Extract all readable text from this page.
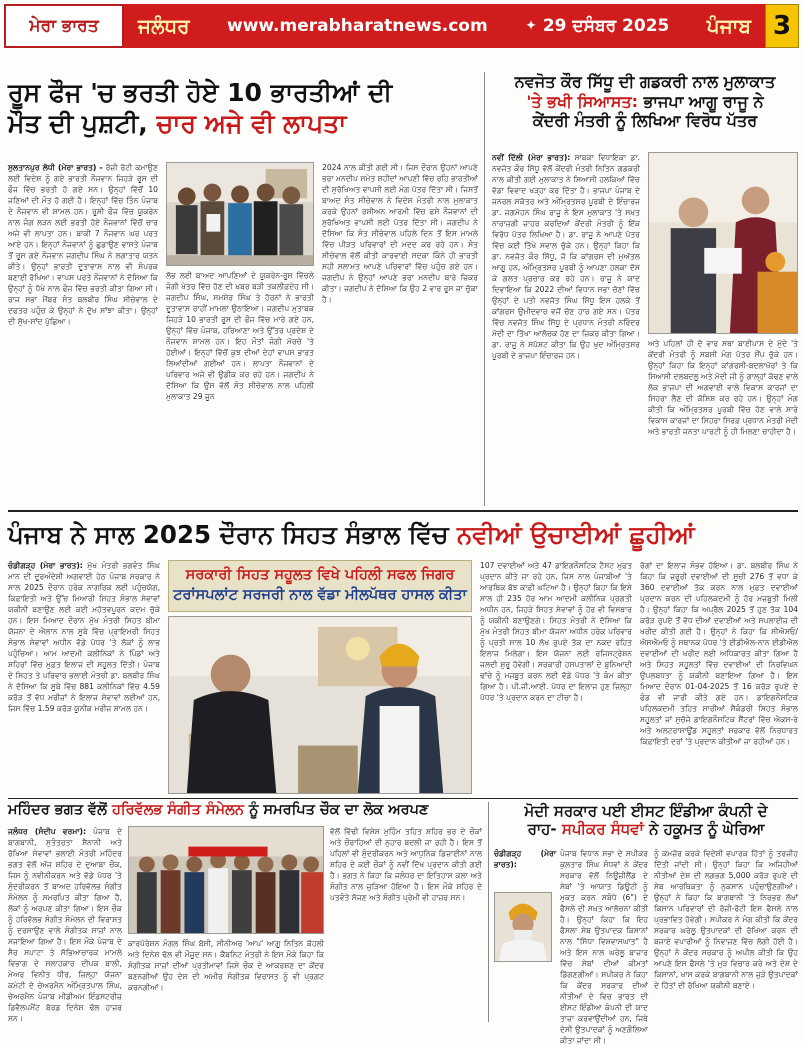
ਮੇਰਾ ਭਾਰਤ	ਜਲੰਧਰ www.merabharatnews.com	✦ 29 ਦਸੰਬਰ 2025 ਪੰਜਾਬ 3
ਰੂਸ ਫੌਜ 'ਚ ਭਰਤੀ ਹੋਏ 10 ਭਾਰਤੀਆਂ ਦੀ
ਮੌਤ ਦੀ ਪੁਸ਼ਟੀ, ਚਾਰ ਅਜੇ ਵੀ ਲਾਪਤਾ
ਸੁਲਤਾਨਪੁਰ ਲੋਧੀ (ਮੇਰਾ ਭਾਰਤ) - ਰੋਜ਼ੀ ਰੋਟੀ ਕਮਾਉਣ ਲਈ ਵਿਦੇਸ਼ ਨੂੰ ਗਏ ਭਾਰਤੀ ਨੌਜਵਾਨ ਜਿਹੜੇ ਰੂਸ ਦੀ ਫੌਜ ਵਿੱਚ ਭਰਤੀ ਹੋ ਗਏ ਸਨ। ਉਨ੍ਹਾਂ ਵਿੱਚੋਂ 10 ਜਣਿਆਂ ਦੀ ਮੌਤ ਹੋ ਗਈ ਹੈ। ਇਨ੍ਹਾਂ ਵਿੱਚ ਤਿੰਨ ਪੰਜਾਬ ਦੇ ਨੌਜਵਾਨ ਵੀ ਸ਼ਾਮਲ ਹਨ। ਰੂਸੀ ਫੌਜ ਵਿੱਚ ਯੂਕਰੇਨ ਨਾਲ ਜੰਗ ਲੜਨ ਲਈ ਭਰਤੀ ਹੋਏ ਨੌਜਵਾਨਾਂ ਵਿੱਚੋਂ ਚਾਰ ਅਜੇ ਵੀ ਲਾਪਤਾ ਹਨ। ਬਾਕੀ 7 ਨੌਜਵਾਨ ਘਰ ਪਰਤ ਆਏ ਹਨ। ਇਨ੍ਹਾਂ ਨੌਜਵਾਨਾਂ ਨੂੰ ਛੁਡਾਉਣ ਵਾਸਤੇ ਪੰਜਾਬ ਤੋਂ ਰੂਸ ਗਏ ਨੌਜਵਾਨ ਜਗਦੀਪ ਸਿੰਘ ਨੇ ਲਗਾਤਾਰ ਯਤਨ ਕੀਤੇ। ਉਨ੍ਹਾਂ ਭਾਰਤੀ ਦੂਤਾਵਾਸ ਨਾਲ ਵੀ ਸੰਪਰਕ ਬਣਾਈ ਰੱਖਿਆ। ਵਾਪਸ ਪਰਤੇ ਨੌਜਵਾਨਾਂ ਨੇ ਦੱਸਿਆ ਕਿ ਉਨ੍ਹਾਂ ਨੂੰ ਧੋਖੇ ਨਾਲ ਫੌਜ ਵਿੱਚ ਭਰਤੀ ਕੀਤਾ ਗਿਆ ਸੀ। ਰਾਜ ਸਭਾ ਮੈਂਬਰ ਸੰਤ ਬਲਬੀਰ ਸਿੰਘ ਸੀਚੇਵਾਲ ਦੇ ਦਫਤਰ ਪਹੁੰਚ ਕੇ ਉਨ੍ਹਾਂ ਨੇ ਦੁੱਖ ਸਾਂਝਾ ਕੀਤਾ। ਉਨ੍ਹਾਂ ਦੀ ਸੁੱਖ-ਸਾਂਦ ਪੁੱਛਿਆ।
ਲੱਭ ਲਈ ਬਾਅਦ ਆਪਣਿਆਂ ਦੇ ਯੂਕਰੇਨ-ਰੂਸ ਵਿੱਚਲੇ ਜੰਗੀ ਖੇਤਰ ਵਿੱਚ ਹੋਣ ਦੀ ਖ਼ਬਰ ਬੜੀ ਤਕਲੀਫ਼ਦੇਹ ਸੀ। ਜਗਦੀਪ ਸਿੰਘ, ਸਮਸ਼ੇਰ ਸਿੰਘ ਤੇ ਹੋਰਨਾਂ ਨੇ ਭਾਰਤੀ ਦੂਤਾਵਾਸ ਰਾਹੀਂ ਮਾਮਲਾ ਉਠਾਇਆ। ਜਗਦੀਪ ਮੁਤਾਬਕ ਜਿਹੜੇ 10 ਭਾਰਤੀ ਰੂਸ ਦੀ ਫੌਜ ਵਿੱਚ ਮਾਰੇ ਗਏ ਹਨ, ਉਨ੍ਹਾਂ ਵਿੱਚ ਪੰਜਾਬ, ਹਰਿਆਣਾ ਅਤੇ ਉੱਤਰ ਪ੍ਰਦੇਸ਼ ਦੇ ਨੌਜਵਾਨ ਸ਼ਾਮਲ ਹਨ। ਇਹ ਮੌਤਾਂ ਜੰਗੀ ਮੋਰਚੇ 'ਤੇ ਹੋਈਆਂ। ਇਨ੍ਹਾਂ ਵਿੱਚੋਂ ਕੁਝ ਦੀਆਂ ਦੇਹਾਂ ਵਾਪਸ ਭਾਰਤ ਲਿਆਂਦੀਆਂ ਗਈਆਂ ਹਨ। ਲਾਪਤਾ ਨੌਜਵਾਨਾਂ ਦੇ ਪਰਿਵਾਰ ਅਜੇ ਵੀ ਉਡੀਕ ਕਰ ਰਹੇ ਹਨ। ਜਗਦੀਪ ਨੇ ਦੱਸਿਆ ਕਿ ਉਸ ਵੱਲੋਂ ਸੰਤ ਸੀਚੇਵਾਲ ਨਾਲ ਪਹਿਲੀ ਮੁਲਾਕਾਤ 29 ਜੂਨ
2024 ਨਾਲ ਕੀਤੀ ਗਈ ਸੀ। ਜਿਸ ਦੌਰਾਨ ਉਹਨਾਂ ਆਪਣੇ ਭਰਾ ਮਨਦੀਪ ਸਮੇਤ ਸ਼ਹੀਦਾਂ ਆਪਣੀ ਵਿੱਚ ਰਹਿ ਭਾਰਤੀਆਂ ਦੀ ਸੁਰੱਖਿਅਤ ਵਾਪਸੀ ਲਈ ਮੰਗ ਪੱਤਰ ਦਿੱਤਾ ਸੀ। ਜਿਸਤੋਂ ਬਾਅਦ ਸੰਤ ਸੀਚੇਵਾਲ ਨੇ ਵਿਦੇਸ਼ ਮੰਤਰੀ ਨਾਲ ਮੁਲਾਕਾਤ ਕਰਕੇ ਉਹਨਾਂ ਰਸ਼ੀਅਨ ਆਰਮੀ ਵਿੱਚ ਫਸੇ ਨੌਜਵਾਨਾਂ ਦੀ ਸੁਰੱਖਿਅਤ ਵਾਪਸੀ ਲਈ ਪੱਤਰ ਦਿੱਤਾ ਸੀ। ਜਗਦੀਪ ਨੇ ਦੱਸਿਆ ਕਿ ਸੰਤ ਸੀਚੇਵਾਲ ਪਹਿਲੇ ਦਿਨ ਤੋਂ ਇਸ ਮਾਮਲੇ ਵਿੱਚ ਪੀੜਤ ਪਰਿਵਾਰਾਂ ਦੀ ਮਦਦ ਕਰ ਰਹੇ ਹਨ। ਸੰਤ ਸੀਚੇਵਾਲ ਵੱਲੋਂ ਕੀਤੀ ਕਾਰਵਾਈ ਸਦਕਾ ਕਿੰਨੇ ਹੀ ਭਾਰਤੀ ਸਹੀ ਸਲਾਮਤ ਆਪਣੇ ਪਰਿਵਾਰਾਂ ਵਿੱਚ ਪਹੁੰਚ ਗਏ ਹਨ। ਜਗਦੀਪ ਨੇ ਉਨ੍ਹਾਂ ਆਪਣੇ ਭਰਾ ਮਨਦੀਪ ਬਾਰੇ ਜ਼ਿਕਰ ਕੀਤਾ। ਜਗਦੀਪ ਨੇ ਦੱਸਿਆ ਕਿ ਉਹ 2 ਵਾਰ ਰੂਸ ਜਾ ਚੁੱਕਾ ਹੈ।
ਨਵਜੋਤ ਕੌਰ ਸਿੱਧੂ ਦੀ ਗਡਕਰੀ ਨਾਲ ਮੁਲਾਕਾਤ
'ਤੇ ਭਖੀ ਸਿਆਸਤ: ਭਾਜਪਾ ਆਗੂ ਰਾਜੂ ਨੇ
ਕੇਂਦਰੀ ਮੰਤਰੀ ਨੂੰ ਲਿਖਿਆ ਵਿਰੋਧ ਪੱਤਰ
ਨਵੀਂ ਦਿੱਲੀ (ਮੇਰਾ ਭਾਰਤ): ਸਾਬਕਾ ਵਿਧਾਇਕਾ ਡਾ. ਨਵਜੋਤ ਕੌਰ ਸਿੱਧੂ ਵੱਲੋਂ ਕੇਂਦਰੀ ਮੰਤਰੀ ਨਿਤਿਨ ਗਡਕਰੀ ਨਾਲ ਕੀਤੀ ਗਈ ਮੁਲਾਕਾਤ ਨੇ ਸਿਆਸੀ ਹਲਕਿਆਂ ਵਿੱਚ ਵੱਡਾ ਵਿਵਾਦ ਖੜ੍ਹਾ ਕਰ ਦਿੱਤਾ ਹੈ। ਭਾਜਪਾ ਪੰਜਾਬ ਦੇ ਜਨਰਲ ਸਕੱਤਰ ਅਤੇ ਅੰਮ੍ਰਿਤਸਰ ਪੂਰਬੀ ਦੇ ਇੰਚਾਰਜ ਡਾ. ਜਗਮੋਹਨ ਸਿੰਘ ਰਾਜੂ ਨੇ ਇਸ ਮੁਲਾਕਾਤ 'ਤੇ ਸਖ਼ਤ ਨਾਰਾਜ਼ਗੀ ਜ਼ਾਹਰ ਕਰਦਿਆਂ ਕੇਂਦਰੀ ਮੰਤਰੀ ਨੂੰ ਇੱਕ ਵਿਰੋਧ ਪੱਤਰ ਲਿਖਿਆ ਹੈ। ਡਾ. ਰਾਜੂ ਨੇ ਆਪਣੇ ਪੱਤਰ ਵਿੱਚ ਕਈ ਤਿੱਖੇ ਸਵਾਲ ਚੁੱਕੇ ਹਨ। ਉਨ੍ਹਾਂ ਕਿਹਾ ਕਿ ਡਾ. ਨਵਜੋਤ ਕੌਰ ਸਿੱਧੂ, ਜੋ ਕਿ ਕਾਂਗਰਸ ਦੀ ਮੁਅੱਤਲ ਆਗੂ ਹਨ, ਅੰਮ੍ਰਿਤਸਰ ਪੂਰਬੀ ਨੂੰ ਆਪਣਾ ਹਲਕਾ ਦੱਸ ਕੇ ਗਲਤ ਪ੍ਰਚਾਰ ਕਰ ਰਹੇ ਹਨ। ਰਾਜੂ ਨੇ ਯਾਦ ਦਿਵਾਇਆ ਕਿ 2022 ਦੀਆਂ ਵਿਧਾਨ ਸਭਾ ਚੋਣਾਂ ਵਿੱਚ ਉਨ੍ਹਾਂ ਦੇ ਪਤੀ ਨਵਜੋਤ ਸਿੰਘ ਸਿੱਧੂ ਇਸ ਹਲਕੇ ਤੋਂ ਕਾਂਗਰਸ ਉਮੀਦਵਾਰ ਵਜੋਂ ਚੋਣ ਹਾਰ ਗਏ ਸਨ। ਪੱਤਰ ਵਿੱਚ ਨਵਜੋਤ ਸਿੰਘ ਸਿੱਧੂ ਦੇ ਪ੍ਰਧਾਨ ਮੰਤਰੀ ਨਰਿੰਦਰ ਮੋਦੀ ਦਾ ਤਿੱਖਾ ਆਲੋਚਕ ਹੋਣ ਦਾ ਜ਼ਿਕਰ ਕੀਤਾ ਗਿਆ। ਡਾ. ਰਾਜੂ ਨੇ ਸਪੱਸ਼ਟ ਕੀਤਾ ਕਿ ਉਹ ਖੁਦ ਅੰਮ੍ਰਿਤਸਰ ਪੂਰਬੀ ਦੇ ਭਾਜਪਾ ਇੰਚਾਰਜ ਹਨ।
ਅਤੇ ਪਹਿਲਾਂ ਹੀ ਦੋ ਵਾਰ ਸਥਾ ਬਾਈਪਾਸ ਦੇ ਮੁੱਦੇ 'ਤੇ ਕੇਂਦਰੀ ਮੰਤਰੀ ਨੂੰ ਸਬਸੀ ਮੰਗ ਪੱਤਰ ਸੌਂਪ ਚੁੱਕੇ ਹਨ। ਉਨ੍ਹਾਂ ਕਿਹਾ ਕਿ ਇਨ੍ਹਾਂ ਕਾਂਗਰਸੀ-ਬਦਲਾਖੋਰਾਂ ਤੇ ਕਿ ਸਿਆਸੀ ਦਲਬਦਲੂ ਅਤੇ ਮੋਦੀ ਜੀ ਨੂੰ ਗਾਲ੍ਹਾਂ ਕੱਢਣ ਵਾਲੇ ਲੋਕ ਭਾਜਪਾ ਦੀ ਅਗਵਾਈ ਵਾਲੇ ਵਿਕਾਸ ਕਾਰਜਾਂ ਦਾ ਸਿਹਰਾ ਲੈਣ ਦੀ ਕੋਸ਼ਿਸ਼ ਕਰ ਰਹੇ ਹਨ। ਉਨ੍ਹਾਂ ਮੰਗ ਕੀਤੀ ਕਿ ਅੰਮ੍ਰਿਤਸਰ ਪੂਰਬੀ ਵਿੱਚ ਹੋਣ ਵਾਲੇ ਸਾਰੇ ਵਿਕਾਸ ਕਾਰਜਾਂ ਦਾ ਸਿਹਰਾ ਸਿਰਫ਼ ਪ੍ਰਧਾਨ ਮੰਤਰੀ ਮੋਦੀ ਅਤੇ ਭਾਰਤੀ ਜਨਤਾ ਪਾਰਟੀ ਨੂੰ ਹੀ ਮਿਲਣਾ ਚਾਹੀਦਾ ਹੈ।
ਪੰਜਾਬ ਨੇ ਸਾਲ 2025 ਦੌਰਾਨ ਸਿਹਤ ਸੰਭਾਲ ਵਿੱਚ ਨਵੀਆਂ ਉਚਾਈਆਂ ਛੂਹੀਆਂ
ਚੰਡੀਗੜ੍ਹ (ਮੇਰਾ ਭਾਰਤ): ਮੁੱਖ ਮੰਤਰੀ ਭਗਵੰਤ ਸਿੰਘ ਮਾਨ ਦੀ ਦੂਰਅੰਦੇਸ਼ੀ ਅਗਵਾਈ ਹੇਠ ਪੰਜਾਬ ਸਰਕਾਰ ਨੇ ਸਾਲ 2025 ਦੌਰਾਨ ਹਰੇਕ ਨਾਗਰਿਕ ਲਈ ਪਹੁੰਚਯੋਗ, ਕਿਫ਼ਾਇਤੀ ਅਤੇ ਉੱਚ ਮਿਆਰੀ ਸਿਹਤ ਸੰਭਾਲ ਸੇਵਾਵਾਂ ਯਕੀਨੀ ਬਣਾਉਣ ਲਈ ਕਈ ਮਹੱਤਵਪੂਰਨ ਕਦਮ ਚੁੱਕੇ ਹਨ। ਇਸ ਮਿਆਦ ਦੌਰਾਨ ਮੁੱਖ ਮੰਤਰੀ ਸਿਹਤ ਬੀਮਾ ਯੋਜਨਾ ਦੇ ਐਲਾਨ ਨਾਲ ਸੂਬੇ ਵਿੱਚ ਪ੍ਰਾਇਮਰੀ ਸਿਹਤ ਸੰਭਾਲ ਸੇਵਾਵਾਂ ਅਧੀਨ ਵੱਡੇ ਪੱਧਰ 'ਤੇ ਲੋਕਾਂ ਨੂੰ ਲਾਭ ਪਹੁੰਚਿਆ। ਆਮ ਆਦਮੀ ਕਲੀਨਿਕਾਂ ਨੇ ਪਿੰਡਾਂ ਅਤੇ ਸ਼ਹਿਰਾਂ ਵਿੱਚ ਮੁਫ਼ਤ ਇਲਾਜ ਦੀ ਸਹੂਲਤ ਦਿੱਤੀ। ਪੰਜਾਬ ਦੇ ਸਿਹਤ ਤੇ ਪਰਿਵਾਰ ਭਲਾਈ ਮੰਤਰੀ ਡਾ. ਬਲਬੀਰ ਸਿੰਘ ਨੇ ਦੱਸਿਆ ਕਿ ਸੂਬੇ ਵਿੱਚ 881 ਕਲੀਨਿਕਾਂ ਵਿੱਚ 4.59 ਕਰੋੜ ਤੋਂ ਵੱਧ ਮਰੀਜ਼ਾਂ ਨੇ ਇਲਾਜ ਸੇਵਾਵਾਂ ਲਈਆਂ ਹਨ, ਜਿਸ ਵਿੱਚ 1.59 ਕਰੋੜ ਯੂਨੀਕ ਮਰੀਜ਼ ਸ਼ਾਮਲ ਹਨ।
ਸਰਕਾਰੀ ਸਿਹਤ ਸਹੂਲਤ ਵਿਖੇ ਪਹਿਲੀ ਸਫਲ ਜਿਗਰ
ਟਰਾਂਸਪਲਾਂਟ ਸਰਜਰੀ ਨਾਲ ਵੱਡਾ ਮੀਲਪੱਥਰ ਹਾਸਲ ਕੀਤਾ
107 ਦਵਾਈਆਂ ਅਤੇ 47 ਡਾਇਗਨੌਸਟਿਕ ਟੈਸਟ ਮੁਫ਼ਤ ਪ੍ਰਦਾਨ ਕੀਤੇ ਜਾ ਰਹੇ ਹਨ, ਜਿਸ ਨਾਲ ਪੰਜਾਬੀਆਂ 'ਤੇ ਆਰਥਿਕ ਬੋਝ ਕਾਫ਼ੀ ਘਟਿਆ ਹੈ। ਉਨ੍ਹਾਂ ਕਿਹਾ ਕਿ ਇਸੇ ਸਾਲ ਹੀ 235 ਹੋਰ ਆਮ ਆਦਮੀ ਕਲੀਨਿਕ ਪ੍ਰਗਤੀ ਅਧੀਨ ਹਨ, ਜਿਹੜੇ ਸਿਹਤ ਸੇਵਾਵਾਂ ਨੂੰ ਹੋਰ ਵੀ ਵਿਸਥਾਰ ਨੂੰ ਯਕੀਨੀ ਬਣਾਉਣਗੇ। ਸਿਹਤ ਮੰਤਰੀ ਨੇ ਦੱਸਿਆ ਕਿ ਮੁੱਖ ਮੰਤਰੀ ਸਿਹਤ ਬੀਮਾ ਯੋਜਨਾ ਅਧੀਨ ਹਰੇਕ ਪਰਿਵਾਰ ਨੂੰ ਪ੍ਰਤੀ ਸਾਲ 10 ਲੱਖ ਰੁਪਏ ਤੱਕ ਦਾ ਨਕਦ ਰਹਿਤ ਇਲਾਜ ਮਿਲੇਗਾ। ਇਸ ਯੋਜਨਾ ਲਈ ਰਜਿਸਟ੍ਰੇਸ਼ਨ ਜਲਦੀ ਸ਼ੁਰੂ ਹੋਵੇਗੀ। ਸਰਕਾਰੀ ਹਸਪਤਾਲਾਂ ਦੇ ਬੁਨਿਆਦੀ ਢਾਂਚੇ ਨੂੰ ਮਜ਼ਬੂਤ ਕਰਨ ਲਈ ਵੱਡੇ ਪੱਧਰ 'ਤੇ ਕੰਮ ਕੀਤਾ ਗਿਆ ਹੈ। ਪੀ.ਜੀ.ਆਈ. ਪੱਧਰ ਦਾ ਇਲਾਜ ਹੁਣ ਜ਼ਿਲ੍ਹਾ ਪੱਧਰ 'ਤੇ ਪ੍ਰਦਾਨ ਕਰਨ ਦਾ ਟੀਚਾ ਹੈ।
ਰੋਗਾਂ ਦਾ ਇਲਾਜ ਸੰਭਵ ਹੋਇਆ। ਡਾ. ਬਲਬੀਰ ਸਿੰਘ ਨੇ ਕਿਹਾ ਕਿ ਜ਼ਰੂਰੀ ਦਵਾਈਆਂ ਦੀ ਸੂਚੀ 276 ਤੋਂ ਵਧਾ ਕੇ 360 ਦਵਾਈਆਂ ਤੱਕ ਕਰਨ ਨਾਲ ਮੁਫ਼ਤ ਦਵਾਈਆਂ ਪ੍ਰਦਾਨ ਕਰਨ ਦੀ ਪਹਿਲਕਦਮੀ ਨੂੰ ਹੋਰ ਮਜ਼ਬੂਤੀ ਮਿਲੀ ਹੈ। ਉਨ੍ਹਾਂ ਕਿਹਾ ਕਿ ਅਪ੍ਰੈਲ 2025 ਤੋਂ ਹੁਣ ਤੱਕ 104 ਕਰੋੜ ਰੁਪਏ ਤੋਂ ਵੱਧ ਦੀਆਂ ਦਵਾਈਆਂ ਅਤੇ ਸਪਲਾਈਜ਼ ਦੀ ਖਰੀਦ ਕੀਤੀ ਗਈ ਹੈ। ਉਨ੍ਹਾਂ ਨੇ ਕਿਹਾ ਕਿ ਸੀਐਸਓ/ਐਸਐਮਓ ਨੂੰ ਸਥਾਨਕ ਪੱਧਰ 'ਤੇ ਈਡੀਐਲ-ਨਾਨ ਈਡੀਐਲ ਦਵਾਈਆਂ ਦੀ ਖਰੀਦ ਲਈ ਅਧਿਕਾਰਤ ਕੀਤਾ ਗਿਆ ਹੈ ਅਤੇ ਸਿਹਤ ਸਹੂਲਤਾਂ ਵਿੱਚ ਦਵਾਈਆਂ ਦੀ ਨਿਰਵਿਘਨ ਉਪਲਬਧਤਾ ਨੂੰ ਯਕੀਨੀ ਬਣਾਇਆ ਗਿਆ ਹੈ। ਇਸ ਮਿਆਦ ਦੌਰਾਨ 01-04-2025 ਤੋਂ 16 ਕਰੋੜ ਰੁਪਏ ਦੇ ਫੰਡ ਵੀ ਜਾਰੀ ਕੀਤੇ ਗਏ ਹਨ। ਡਾਇਗਨੌਸਟਿਕ ਪਹਿਲਕਦਮੀ ਤਹਿਤ ਸਾਰੀਆਂ ਸੈਕੰਡਰੀ ਸਿਹਤ ਸੰਭਾਲ ਸਹੂਲਤਾਂ ਜਾਂ ਸੁਚੱਜੇ ਡਾਇਗਨੌਸਟਿਕ ਸੈਂਟਰਾਂ ਵਿੱਚ ਐਕਸ-ਰੇ ਅਤੇ ਅਲਟਰਾਸਾਊਂਡ ਸਹੂਲਤਾਂ ਸਰਕਾਰ ਵੱਲੋਂ ਨਿਰਧਾਰਤ ਕਿਫ਼ਾਇਤੀ ਦਰਾਂ 'ਤੇ ਪ੍ਰਦਾਨ ਕੀਤੀਆਂ ਜਾ ਰਹੀਆਂ ਹਨ।
ਮਹਿੰਦਰ ਭਗਤ ਵੱਲੋਂ ਹਰਿਵੱਲਭ ਸੰਗੀਤ ਸੰਮੇਲਨ ਨੂੰ ਸਮਰਪਿਤ ਚੌਕ ਦਾ ਲੋਕ ਅਰਪਣ
ਜਲੰਧਰ (ਸੰਦੀਪ ਵਰਮਾ): ਪੰਜਾਬ ਦੇ ਬਾਗਬਾਨੀ, ਸੁਤੰਤਰਤਾ ਸੈਨਾਨੀ ਅਤੇ ਰੱਖਿਆ ਸੇਵਾਵਾਂ ਭਲਾਈ ਮੰਤਰੀ ਮਹਿੰਦਰ ਭਗਤ ਵੱਲੋਂ ਅੱਜ ਸ਼ਹਿਰ ਦੇ ਦੁਆਬਾ ਚੌਕ, ਜਿਸ ਨੂੰ ਨਵੀਨੀਕਰਨ ਅਤੇ ਵੱਡੇ ਪੱਧਰ 'ਤੇ ਸੁੰਦਰੀਕਰਨ ਤੋਂ ਬਾਅਦ ਹਰਿਵੱਲਭ ਸੰਗੀਤ ਸੰਮੇਲਨ ਨੂੰ ਸਮਰਪਿਤ ਕੀਤਾ ਗਿਆ ਹੈ, ਲੋਕਾਂ ਨੂੰ ਅਰਪਣ ਕੀਤਾ ਗਿਆ। ਇਸ ਚੌਕ ਨੂੰ ਹਰਿਵੱਲਭ ਸੰਗੀਤ ਸੰਮੇਲਨ ਦੀ ਵਿਰਾਸਤ ਨੂੰ ਦਰਸਾਉਣ ਵਾਲੇ ਸੰਗੀਤਕ ਸਾਜ਼ਾਂ ਨਾਲ ਸਜਾਇਆ ਗਿਆ ਹੈ। ਇਸ ਮੌਕੇ ਪੰਜਾਬ ਦੇ ਸੈਰ ਸਪਾਟਾ ਤੇ ਸੱਭਿਆਚਾਰਕ ਮਾਮਲੇ ਵਿਭਾਗ ਦੇ ਸਲਾਹਕਾਰ ਦੀਪਕ ਬਾਲੀ, ਮੇਅਰ ਵਿਨੀਤ ਧੀਰ, ਜ਼ਿਲ੍ਹਾ ਯੋਜਨਾ ਕਮੇਟੀ ਦੇ ਚੇਅਰਮੈਨ ਅੰਮ੍ਰਿਤਪਾਲ ਸਿੰਘ, ਚੇਅਰਮੈਨ ਪੰਜਾਬ ਮੀਡੀਅਮ ਇੰਡਸਟਰੀਜ਼ ਡਿਵੈਲਪਮੈਂਟ ਬੋਰਡ ਦਿਨੇਸ਼ ਢੱਲ ਹਾਜ਼ਰ ਸਨ।
ਕਾਰਪੋਰੇਸ਼ਨ ਮੰਗਲ ਸਿੰਘ ਬੱਸੀ, ਸੀਨੀਅਰ 'ਆਪ' ਆਗੂ ਨਿਤਿਨ ਕੋਹਲੀ ਅਤੇ ਦਿਨੇਸ਼ ਢੱਲ ਵੀ ਮੌਜੂਦ ਸਨ। ਕੈਬਨਿਟ ਮੰਤਰੀ ਨੇ ਇਸ ਮੌਕੇ ਕਿਹਾ ਕਿ ਸੰਗੀਤਕ ਸਾਜ਼ਾਂ ਦੀਆਂ ਪ੍ਰਤੀਮਾਵਾਂ ਜਿਸੇ ਚੌਕ ਦੇ ਆਕਰਸ਼ਣ ਦਾ ਕੇਂਦਰ ਬਣਨਗੀਆਂ ਉਹ ਦੇਸ਼ ਦੀ ਅਮੀਰ ਸੰਗੀਤਕ ਵਿਰਾਸਤ ਨੂੰ ਵੀ ਪ੍ਰਗਟ ਕਰਨਗੀਆਂ।
ਵੱਲੋਂ ਵਿੱਢੀ ਵਿਸ਼ੇਸ਼ ਮੁਹਿੰਮ ਤਹਿਤ ਸ਼ਹਿਰ ਭਰ ਦੇ ਚੌਕਾਂ ਅਤੇ ਚੌਰਾਹਿਆਂ ਦੀ ਨੁਹਾਰ ਬਦਲੀ ਜਾ ਰਹੀ ਹੈ। ਇਸ ਤੋਂ ਪਹਿਲਾਂ ਵੀ ਸੁੰਦਰੀਕਰਨ ਅਤੇ ਆਧੁਨਿਕ ਡਿਜ਼ਾਈਨਾਂ ਨਾਲ ਸ਼ਹਿਰ ਦੇ ਕਈ ਚੌਕਾਂ ਨੂੰ ਨਵੀਂ ਦਿੱਖ ਪ੍ਰਦਾਨ ਕੀਤੀ ਗਈ ਹੈ। ਭਗਤ ਨੇ ਕਿਹਾ ਕਿ ਜਲੰਧਰ ਦਾ ਇਤਿਹਾਸ ਕਲਾ ਅਤੇ ਸੰਗੀਤ ਨਾਲ ਜੁੜਿਆ ਹੋਇਆ ਹੈ। ਇਸ ਮੌਕੇ ਸ਼ਹਿਰ ਦੇ ਪਤਵੰਤੇ ਸੱਜਣ ਅਤੇ ਸੰਗੀਤ ਪ੍ਰੇਮੀ ਵੀ ਹਾਜ਼ਰ ਸਨ।
ਮੋਦੀ ਸਰਕਾਰ ਪਈ ਈਸਟ ਇੰਡੀਆ ਕੰਪਨੀ ਦੇ
ਰਾਹ- ਸਪੀਕਰ ਸੰਧਵਾਂ ਨੇ ਹਕੂਮਤ ਨੂੰ ਘੇਰਿਆ
ਚੰਡੀਗੜ੍ਹ (ਮੇਰਾ ਭਾਰਤ):
ਪੰਜਾਬ ਵਿਧਾਨ ਸਭਾ ਦੇ ਸਪੀਕਰ ਕੁਲਤਾਰ ਸਿੰਘ ਸੰਧਵਾਂ ਨੇ ਕੇਂਦਰ ਸਰਕਾਰ ਵੱਲੋਂ ਨਿਊਜ਼ੀਲੈਂਡ ਦੇ ਸੇਬਾਂ 'ਤੇ ਆਯਾਤ ਡਿਊਟੀ ਨੂੰ ਮੁਕਤ ਕਰਨ ਸਬੰਧੇ (6") ਦੇ ਫੈਸਲੇ ਦੀ ਸਖ਼ਤ ਆਲੋਚਨਾ ਕੀਤੀ ਹੈ। ਉਨ੍ਹਾਂ ਕਿਹਾ ਕਿ ਇਹ ਫੈਸਲਾ ਸੇਬ ਉਤਪਾਦਕ ਕਿਸਾਨਾਂ ਨਾਲ "ਸਿੱਧਾ ਵਿਸ਼ਵਾਸਘਾਤ" ਹੈ ਅਤੇ ਇਸ ਨਾਲ ਘਰੇਲੂ ਬਾਜ਼ਾਰ ਵਿੱਚ ਸੇਬਾਂ ਦੀਆਂ ਕੀਮਤਾਂ ਡਿੱਗਣਗੀਆਂ। ਸਪੀਕਰ ਨੇ ਕਿਹਾ ਕਿ ਕੇਂਦਰ ਸਰਕਾਰ ਦੀਆਂ ਨੀਤੀਆਂ ਦੇ ਵਿਚ ਭਾਰਤ ਦੀ ਈਸਟ ਇੰਡੀਆ ਕੰਪਨੀ ਦੀ ਯਾਦ ਤਾਜ਼ਾ ਕਰਵਾਉਂਦੀਆਂ ਹਨ, ਜਿਥੇ ਦੇਸੀ ਉਤਪਾਦਕਾਂ ਨੂੰ ਅਣਗੌਲਿਆ ਕੀਤਾ ਜਾਂਦਾ ਸੀ।
ਨੂੰ ਕਮਜ਼ੋਰ ਕਰਕੇ ਵਿਦੇਸ਼ੀ ਵਪਾਰਕ ਹਿੱਤਾਂ ਨੂੰ ਤਰਜੀਹ ਦਿੱਤੀ ਜਾਂਦੀ ਸੀ। ਉਨ੍ਹਾਂ ਕਿਹਾ ਕਿ ਅਜਿਹੀਆਂ ਨੀਤੀਆਂ ਦੇਸ਼ ਦੀ ਲਗਭਗ 5,000 ਕਰੋੜ ਰੁਪਏ ਦੀ ਸੇਬ ਆਰਥਿਕਤਾ ਨੂੰ ਨੁਕਸਾਨ ਪਹੁੰਚਾਉਣਗੀਆਂ। ਉਨ੍ਹਾਂ ਨੇ ਕਿਹਾ ਕਿ ਬਾਗਬਾਨੀ 'ਤੇ ਨਿਰਭਰ ਲੱਖਾਂ ਕਿਸਾਨ ਪਰਿਵਾਰਾਂ ਦੀ ਰੋਜ਼ੀ-ਰੋਟੀ ਇਸ ਫੈਸਲੇ ਨਾਲ ਪ੍ਰਭਾਵਿਤ ਹੋਵੇਗੀ। ਸਪੀਕਰ ਨੇ ਮੰਗ ਕੀਤੀ ਕਿ ਕੇਂਦਰ ਸਰਕਾਰ ਘਰੇਲੂ ਉਤਪਾਦਕਾਂ ਦੀ ਰੱਖਿਆ ਕਰਨ ਦੀ ਬਜਾਏ ਵਪਾਰੀਆਂ ਨੂੰ ਨਿਵਾਜ਼ਣ ਵਿੱਚ ਲੱਗੀ ਹੋਈ ਹੈ। ਉਨ੍ਹਾਂ ਨੇ ਕੇਂਦਰ ਸਰਕਾਰ ਨੂੰ ਅਪੀਲ ਕੀਤੀ ਕਿ ਉਹ ਆਪਣੇ ਇਸ ਫੈਸਲੇ 'ਤੇ ਮੁੜ ਵਿਚਾਰ ਕਰੇ ਅਤੇ ਦੇਸ਼ ਦੇ ਕਿਸਾਨਾਂ, ਖਾਸ ਕਰਕੇ ਬਾਗਬਾਨੀ ਨਾਲ ਜੁੜੇ ਉਤਪਾਦਕਾਂ ਦੇ ਹਿੱਤਾਂ ਦੀ ਰੱਖਿਆ ਯਕੀਨੀ ਬਣਾਏ।
